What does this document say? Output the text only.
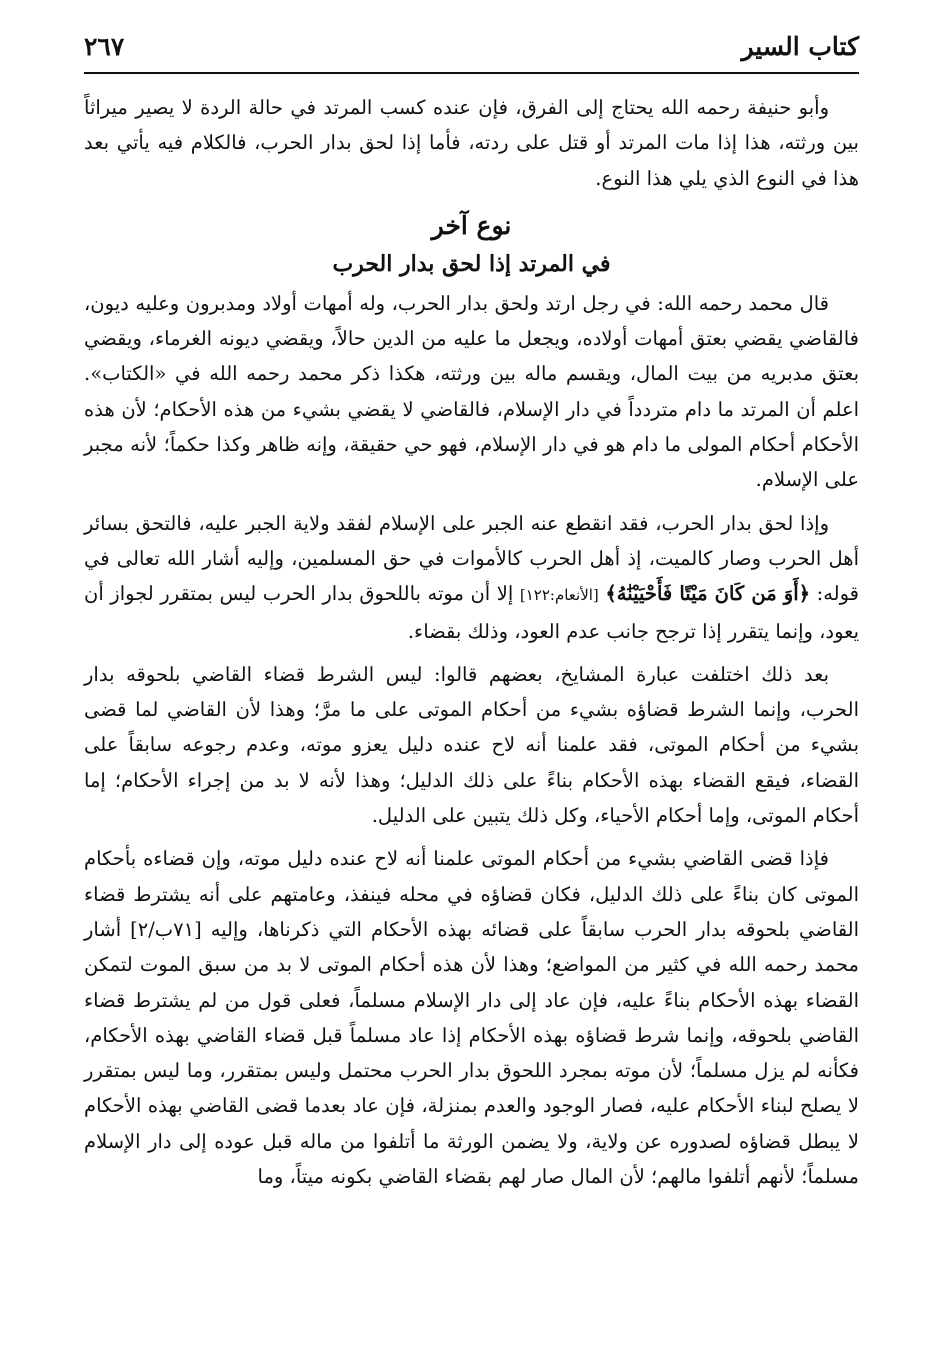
كتاب السير
٢٦٧

وأبو حنيفة رحمه الله يحتاج إلى الفرق، فإن عنده كسب المرتد في حالة الردة لا يصير ميراثاً بين ورثته، هذا إذا مات المرتد أو قتل على ردته، فأما إذا لحق بدار الحرب، فالكلام فيه يأتي بعد هذا في النوع الذي يلي هذا النوع.

نوع آخر
في المرتد إذا لحق بدار الحرب

قال محمد رحمه الله: في رجل ارتد ولحق بدار الحرب، وله أمهات أولاد ومدبرون وعليه ديون، فالقاضي يقضي بعتق أمهات أولاده، ويجعل ما عليه من الدين حالاً، ويقضي ديونه الغرماء، ويقضي بعتق مدبريه من بيت المال، ويقسم ماله بين ورثته، هكذا ذكر محمد رحمه الله في «الكتاب». اعلم أن المرتد ما دام متردداً في دار الإسلام، فالقاضي لا يقضي بشيء من هذه الأحكام؛ لأن هذه الأحكام أحكام المولى ما دام هو في دار الإسلام، فهو حي حقيقة، وإنه ظاهر وكذا حكماً؛ لأنه مجبر على الإسلام.

وإذا لحق بدار الحرب، فقد انقطع عنه الجبر على الإسلام لفقد ولاية الجبر عليه، فالتحق بسائر أهل الحرب وصار كالميت، إذ أهل الحرب كالأموات في حق المسلمين، وإليه أشار الله تعالى في قوله: ﴿أَوَ مَن كَانَ مَيْتًا فَأَحْيَيْنَٰهُ﴾ [الأنعام:١٢٢] إلا أن موته باللحوق بدار الحرب ليس بمتقرر لجواز أن يعود، وإنما يتقرر إذا ترجح جانب عدم العود، وذلك بقضاء.

بعد ذلك اختلفت عبارة المشايخ، بعضهم قالوا: ليس الشرط قضاء القاضي بلحوقه بدار الحرب، وإنما الشرط قضاؤه بشيء من أحكام الموتى على ما مرَّ؛ وهذا لأن القاضي لما قضى بشيء من أحكام الموتى، فقد علمنا أنه لاح عنده دليل يعزو موته، وعدم رجوعه سابقاً على القضاء، فيقع القضاء بهذه الأحكام بناءً على ذلك الدليل؛ وهذا لأنه لا بد من إجراء الأحكام؛ إما أحكام الموتى، وإما أحكام الأحياء، وكل ذلك يتبين على الدليل.

فإذا قضى القاضي بشيء من أحكام الموتى علمنا أنه لاح عنده دليل موته، وإن قضاءه بأحكام الموتى كان بناءً على ذلك الدليل، فكان قضاؤه في محله فينفذ، وعامتهم على أنه يشترط قضاء القاضي بلحوقه بدار الحرب سابقاً على قضائه بهذه الأحكام التي ذكرناها، وإليه [٧١ب/٢] أشار محمد رحمه الله في كثير من المواضع؛ وهذا لأن هذه أحكام الموتى لا بد من سبق الموت لتمكن القضاء بهذه الأحكام بناءً عليه، فإن عاد إلى دار الإسلام مسلماً، فعلى قول من لم يشترط قضاء القاضي بلحوقه، وإنما شرط قضاؤه بهذه الأحكام إذا عاد مسلماً قبل قضاء القاضي بهذه الأحكام، فكأنه لم يزل مسلماً؛ لأن موته بمجرد اللحوق بدار الحرب محتمل وليس بمتقرر، وما ليس بمتقرر لا يصلح لبناء الأحكام عليه، فصار الوجود والعدم بمنزلة، فإن عاد بعدما قضى القاضي بهذه الأحكام لا يبطل قضاؤه لصدوره عن ولاية، ولا يضمن الورثة ما أتلفوا من ماله قبل عوده إلى دار الإسلام مسلماً؛ لأنهم أتلفوا مالهم؛ لأن المال صار لهم بقضاء القاضي بكونه ميتاً، وما
